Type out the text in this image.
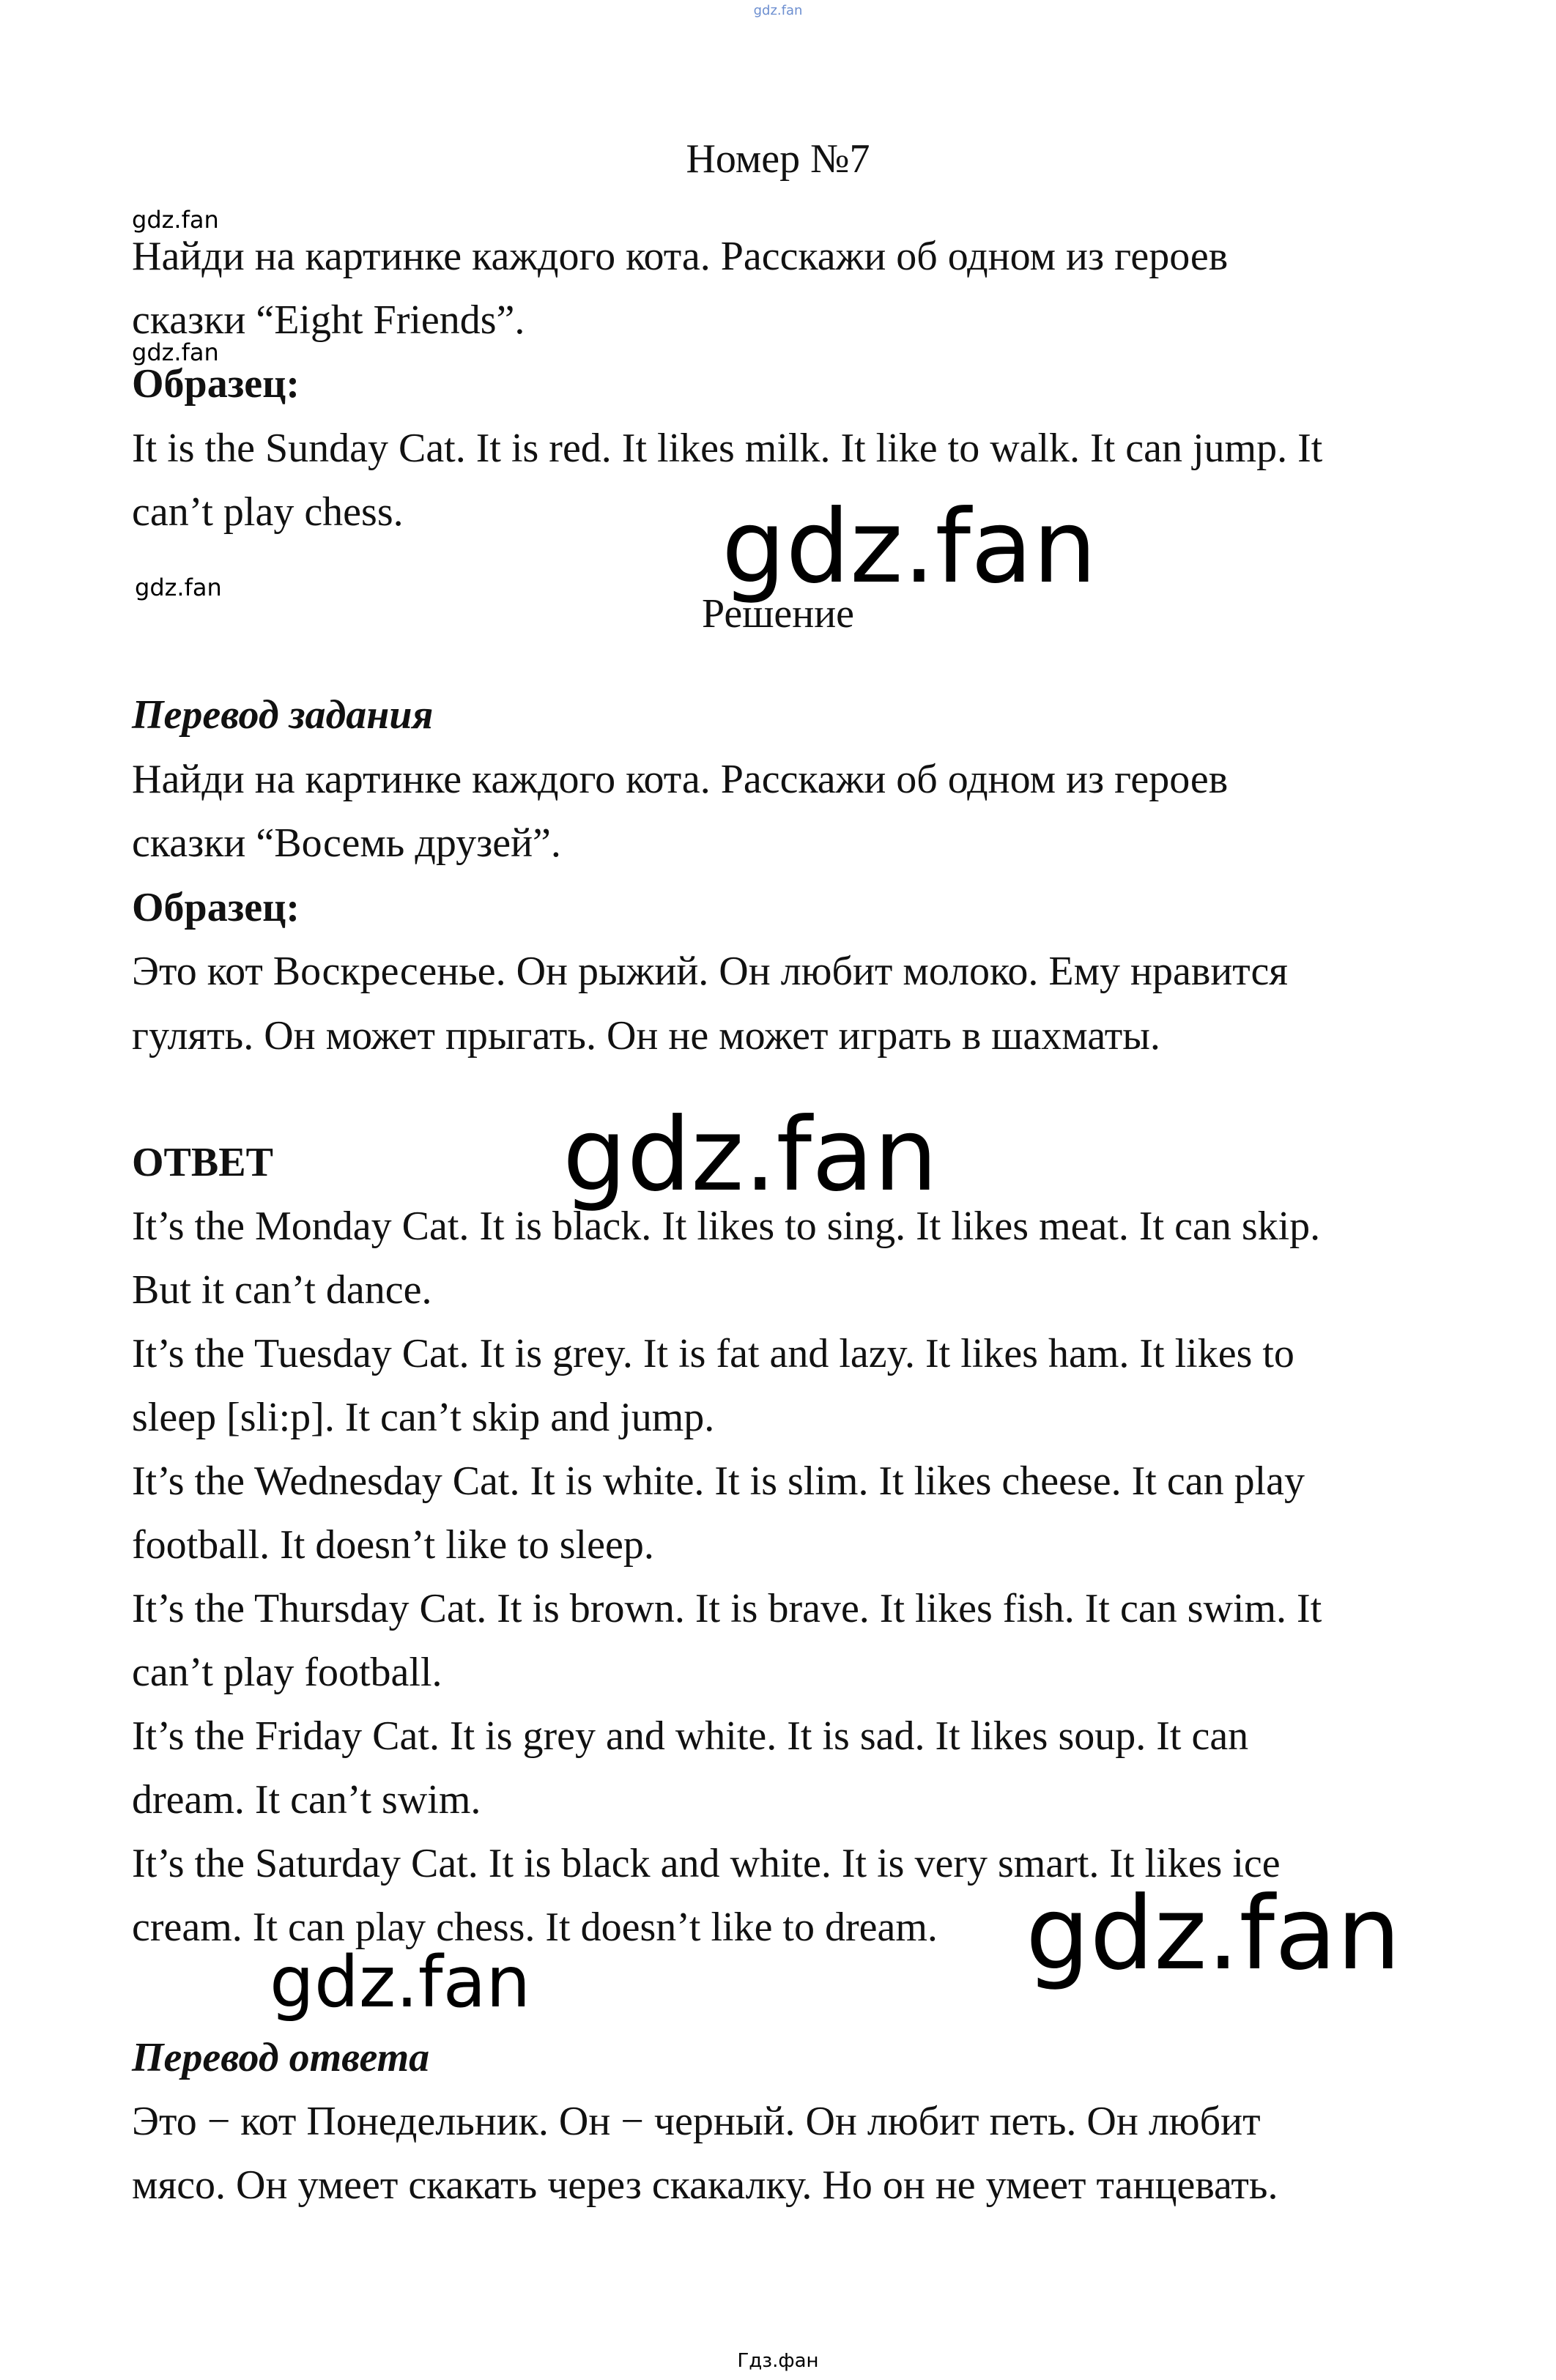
gdz.fan
Номер №7
gdz.fan
Найди на картинке каждого кота. Расскажи об одном из героев
сказки “Eight Friends”.
gdz.fan
Образец:
It is the Sunday Cat. It is red. It likes milk. It like to walk. It can jump. It
can’t play chess.	gdz.fan
gdz.fan
Решение
Перевод задания
Найди на картинке каждого кота. Расскажи об одном из героев
сказки “Восемь друзей”.
Образец:
Это кот Воскресенье. Он рыжий. Он любит молоко. Ему нравится
гулять. Он может прыгать. Он не может играть в шахматы.
gdz.fan
ОТВЕТ
It’s the Monday Cat. It is black. It likes to sing. It likes meat. It can skip.
But it can’t dance.
It’s the Tuesday Cat. It is grey. It is fat and lazy. It likes ham. It likes to
sleep [sli:p]. It can’t skip and jump.
It’s the Wednesday Cat. It is white. It is slim. It likes cheese. It can play
football. It doesn’t like to sleep.
It’s the Thursday Cat. It is brown. It is brave. It likes fish. It can swim. It
can’t play football.
It’s the Friday Cat. It is grey and white. It is sad. It likes soup. It can
dream. It can’t swim.
It’s the Saturday Cat. It is black and white. It is very smart. It likes ice
cream. It can play chess. It doesn’t like to dream. gdz.fan
gdz.fan
Перевод ответа
Это − кот Понедельник. Он − черный. Он любит петь. Он любит
мясо. Он умеет скакать через скакалку. Но он не умеет танцевать.
Гдз.фан
